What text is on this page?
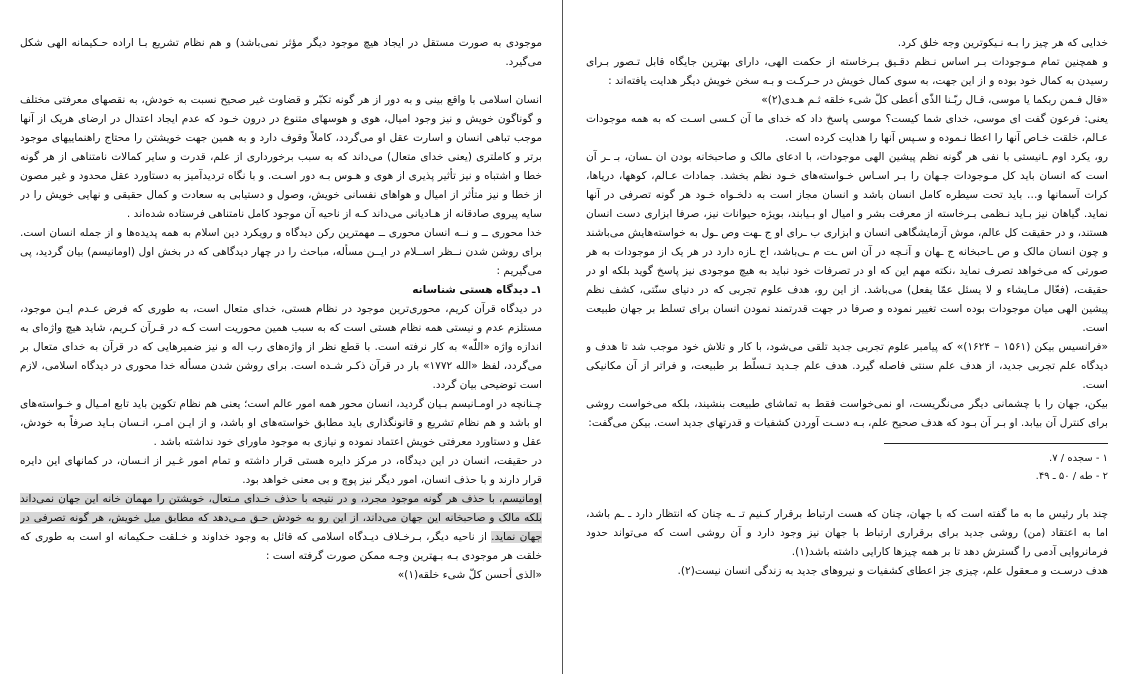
موجودی به صورت مستقل در ایجاد هیچ موجود دیگر مؤثر نمی‌باشد) و هم نظام تشریع بـا اراده حـکیمانه الهی شکل می‌گیرد.

انسان اسلامی با واقع بینی و به دور از هر گونه تکبّر و قضاوت غیر صحیح نسبت به خودش، به نقصهای معرفتی مختلف و گوناگون خویش و نیز وجود امیال، هوی و هوسهای متنوع در درون خـود که عدم ایجاد اعتدال در ارضای هریک از آنها موجب تباهی انسان و اسارت عقل او می‌گردد، کاملاً وقوف دارد و به همین جهت خویشتن را محتاج راهنماییهای موجود برتر و کاملتری (یعنی خدای متعال) می‌داند که به سبب برخورداری از علم، قدرت و سایر کمالات نامتناهی از هر گونه خطا و اشتباه و نیز تأثیر پذیری از هوی و هـوس بـه دور اسـت. و با نگاه تردیدآمیز به دستاورد عقل محدود و غیر مصون از خطا و نیز متأثر از امیال و هواهای نفسانی خویش، وصول و دستیابی به سعادت و کمال حقیقی و نهایی خویش را در سایه پیروی صادقانه از هـادیانی می‌داند کـه از ناحیه آن موجود کامل نامتناهی فرستاده شده‌اند .

خدا محوری ــ و نــه انسان محوری ــ مهمترین رکن دیدگاه و رویکرد دین اسلام به همه پدیده‌ها و از جمله انسان است. برای روشن شدن نــظر اســلام در ایــن مسأله، مباحث را در چهار دیدگاهی که در بخش اول (اومانیسم) بیان گردید، پی می‌گیریم :

۱ـ دیدگاه هستی شناسانه

در دیدگاه قرآن کریم، محوری‌ترین موجود در نظام هستی، خدای متعال است، به طوری که فرض عـدم ایـن موجود، مستلزم عدم و نیستی همه نظام هستی است که به سبب همین محوریت است کـه در قـرآن کـریم، شاید هیچ واژه‌ای به اندازه واژه «اللّه» به کار نرفته است. با قطع نظر از واژه‌های رب اله و نیز ضمیرهایی که در قرآن به خدای متعال بر می‌گردد، لفظ «الله ۱۷۷۲» بار در قرآن ذکـر شـده است. برای روشن شدن مسأله خدا محوری در دیدگاه اسلامی، لازم است توضیحی بیان گردد.

چـنانچه در اومـانیسم بـیان گردید، انسان محور همه امور عالم است؛ یعنی هم نظام تکوین باید تابع امـیال و خـواسته‌های او باشد و هم نظام تشریع و قانونگذاری باید مطابق خواسته‌های او باشد، و از ایـن امـر، انـسان بـاید صرفاً به خودش، عقل و دستاورد معرفتی خویش اعتماد نموده و نیازی به موجود ماورای خود نداشته باشد .

در حقیقت، انسان در این دیدگاه، در مرکز دایره هستی قرار داشته و تمام امور غـیر از انـسان، در کمانهای این دایره قرار دارند و با حذف انسان، امور دیگر نیز پوچ و بی معنی خواهد بود.

اومانیسم، با حذف هر گونه موجود مجرد، و در نتیجه با حذف خـدای مـتعال، خویشتن را مهمان خانه این جهان نمی‌داند بلکه مالک و صاحبخانه این جهان می‌داند، از این رو به خودش حـق مـی‌دهد که مطابق میل خویش، هر گونه تصرفی در جهان نماید. از ناحیه دیگر، بـرخـلاف دیـدگاه اسلامی که قائل به وجود خداوند و خـلقت حـکیمانه او است به طوری که خلقت هر موجودی بـه بـهترین وجـه ممکن صورت گرفته است :

«الذی أحسن کلّ شیء خلقه(۱)»

خدایی که هر چیز را بـه نـیکوترین وجه خلق کرد.

و همچنین تمام مـوجودات بـر اساس نـظم دقـیق بـرخاسته از حکمت الهی، دارای بهترین جایگاه قابل تـصور بـرای رسیدن به کمال خود بوده و از این جهت، به سوی کمال خویش در حـرکـت و بـه سخن خویش دیگر هدایت یافته‌اند :

«قال فـمن ربکما یا موسی، قـال ربّـنا الذّی أعطی کلّ شیء خلقه ثـم هـدی(۲)»

یعنی: فرعون گفت ای موسی، خدای شما کیست؟ موسی پاسخ داد که خدای ما آن کـسی اسـت که به همه موجودات عـالم، خلقت خـاص آنها را اعطا نـموده و سـپس آنها را هدایت کرده است.

رو، یکرد اوم ـانیستی با نفی هر گونه نظم پیشین الهی موجودات، با ادعای مالک و صاحبخانه بودن ان ـسان، بـ ـر آن است که انسان باید کل مـوجودات جـهان را بـر اسـاس خـواسته‌های خـود نظم بخشد. جمادات عـالم، کوهها، دریاها، کرات آسمانها و… باید تحت سیطره کامل انسان باشد و انسان مجاز است به دلخـواه خـود هر گونه تصرفی در آنها نماید. گیاهان نیز بـاید نـظمی بـرخاسته از معرفت بشر و امیال او بـیابند، بویژه حیوانات نیز، صرفا ابزاری دست انسان هستند، و در حقیقت کل عالم، موش آزمایشگاهی انسان و ابزاری ب ـرای او ج ـهت وص ـول به خواسته‌هایش می‌باشند و چون انسان مالک و ص ـاحبخانه ج ـهان و آنـچه در آن اس ـت م ـی‌باشد، اج ـازه دارد در هر یک از موجودات به هر صورتی که می‌خواهد تصرف نماید ،نکته مهم این که او در تصرفات خود نباید به هیچ موجودی نیز پاسخ گوید بلکه او در حقیقت، (فعّال مـایشاء و لا یسئل عمّا یفعل) می‌باشد. از این رو، هدف علوم تجربی که در دنیای سنّتی، کشف نظم پیشین الهی میان موجودات بوده است تغییر نموده و صرفا در جهت قدرتمند نمودن انسان برای تسلط بر جهان طبیعت است.

«فرانسیس بیکن (۱۵۶۱ – ۱۶۲۴)» که پیامبر علوم تجربی جدید تلقی می‌شود، با کار و تلاش خود موجب شد تا هدف و دیدگاه علم تجربی جدید، از هدف علم سنتی فاصله گیرد. هدف علم جـدید تـسلّط بر طبیعت، و فراتر از آن مکانیکی است.

بیکن، جهان را با چشمانی دیگر می‌نگریست، او نمی‌خواست فقط به تماشای طبیعت بنشیند، بلکه می‌خواست روشی برای کنترل آن بیابد. او بـر آن بـود که هدف صحیح علم، بـه دسـت آوردن کشفیات و قدرتهای جدید است. بیکن می‌گفت:

۱ - سجده / ۷.

۲ - طه / ۵۰ ـ ۴۹.

چند بار رئیس ما به ما گفته است که با جهان، چنان که هست ارتباط برقرار کـنیم تـ ـه چنان که انتظار دارد ـ ـم باشد، اما به اعتقاد (من) روشی جدید برای برقراری ارتباط با جهان نیز وجود دارد و آن روشی است که می‌تواند حدود فرمانروایی آدمی را گسترش دهد تا بر همه چیزها کارایی داشته باشد(۱).

هدف درسـت و مـعقول علم، چیزی جز اعطای کشفیات و نیروهای جدید به زندگی انسان نیست(۲).
